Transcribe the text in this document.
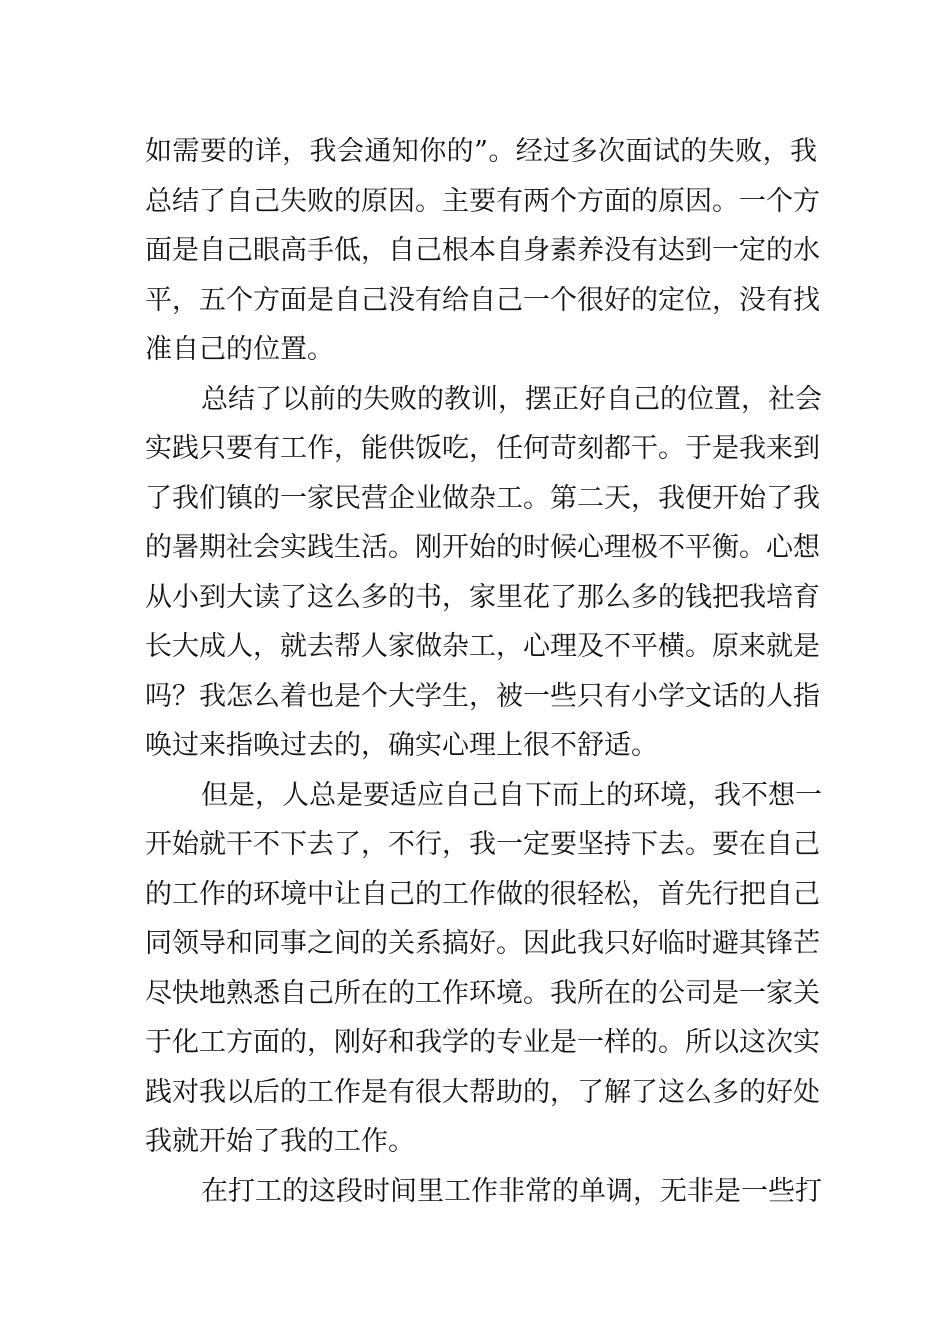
如需要的详，我会通知你的”。经过多次面试的失败，我
总结了自己失败的原因。主要有两个方面的原因。一个方
面是自己眼高手低，自己根本自身素养没有达到一定的水
平，五个方面是自己没有给自己一个很好的定位，没有找
准自己的位置。
总结了以前的失败的教训，摆正好自己的位置，社会
实践只要有工作，能供饭吃，任何苛刻都干。于是我来到
了我们镇的一家民营企业做杂工。第二天，我便开始了我
的暑期社会实践生活。刚开始的时候心理极不平衡。心想
从小到大读了这么多的书，家里花了那么多的钱把我培育
长大成人，就去帮人家做杂工，心理及不平横。原来就是
吗？我怎么着也是个大学生，被一些只有小学文话的人指
唤过来指唤过去的，确实心理上很不舒适。
但是，人总是要适应自己自下而上的环境，我不想一
开始就干不下去了，不行，我一定要坚持下去。要在自己
的工作的环境中让自己的工作做的很轻松，首先行把自己
同领导和同事之间的关系搞好。因此我只好临时避其锋芒
尽快地熟悉自己所在的工作环境。我所在的公司是一家关
于化工方面的，刚好和我学的专业是一样的。所以这次实
践对我以后的工作是有很大帮助的，了解了这么多的好处
我就开始了我的工作。
在打工的这段时间里工作非常的单调，无非是一些打
